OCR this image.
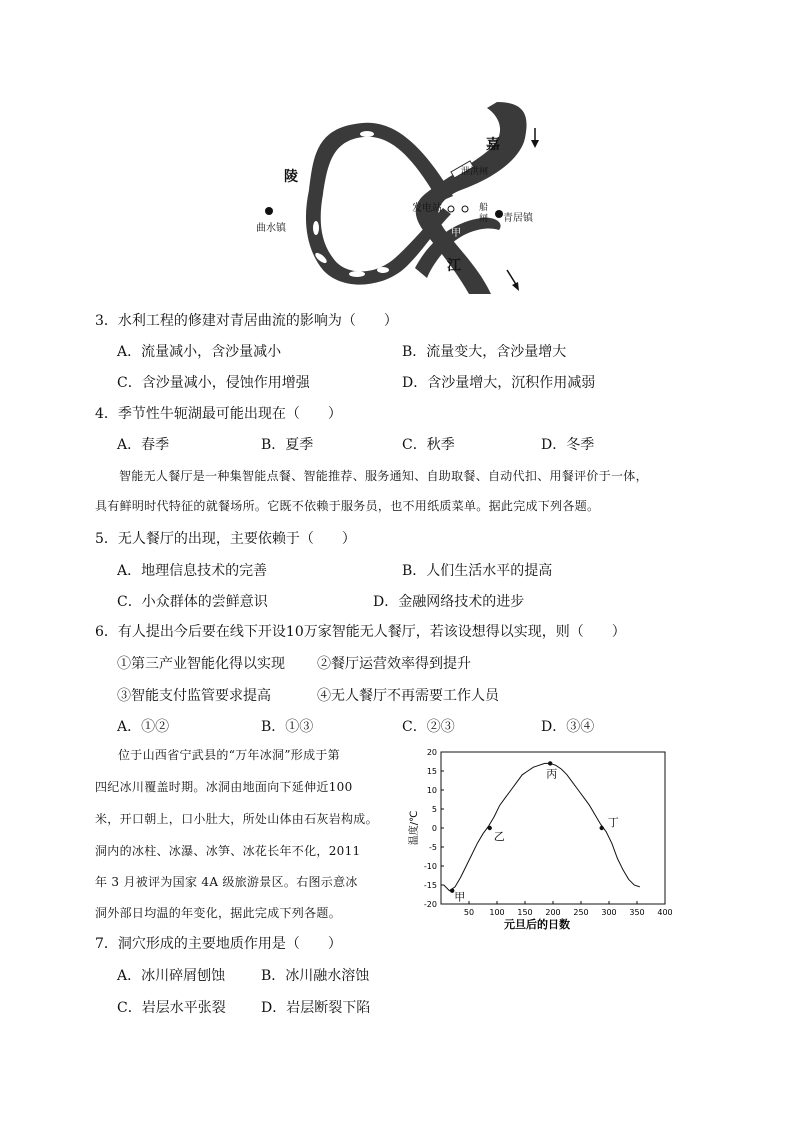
陵
嘉
江
甲
曲水镇
青居镇
发电站
泄洪闸
船闸
3．水利工程的修建对青居曲流的影响为（　　）
A．流量减小，含沙量减小	B．流量变大，含沙量增大
C．含沙量减小，侵蚀作用增强	D．含沙量增大，沉积作用减弱
4．季节性牛轭湖最可能出现在（　　）
A．春季	B．夏季	C．秋季	D．冬季
智能无人餐厅是一种集智能点餐、智能推荐、服务通知、自助取餐、自动代扣、用餐评价于一体，
具有鲜明时代特征的就餐场所。它既不依赖于服务员，也不用纸质菜单。据此完成下列各题。
5．无人餐厅的出现，主要依赖于（　　）
A．地理信息技术的完善	B．人们生活水平的提高
C．小众群体的尝鲜意识	D．金融网络技术的进步
6．有人提出今后要在线下开设10万家智能无人餐厅，若该设想得以实现，则（　　）
①第三产业智能化得以实现 ②餐厅运营效率得到提升
③智能支付监管要求提高	④无人餐厅不再需要工作人员
A．①②	B．①③	C．②③	D．③④
位于山西省宁武县的“万年冰洞”形成于第
四纪冰川覆盖时期。冰洞由地面向下延伸近100
米，开口朝上，口小肚大，所处山体由石灰岩构成。
洞内的冰柱、冰瀑、冰笋、冰花长年不化，2011
年 3 月被评为国家 4A 级旅游景区。右图示意冰
洞外部日均温的年变化，据此完成下列各题。	50 100 150 200 250 300 350 400
20
15
10
5
0
-5
-10
-15
-20
元旦后的日数
温度/℃
甲
乙
丙
丁
7．洞穴形成的主要地质作用是（　　）
A．冰川碎屑刨蚀	B．冰川融水溶蚀
C．岩层水平张裂	D．岩层断裂下陷
